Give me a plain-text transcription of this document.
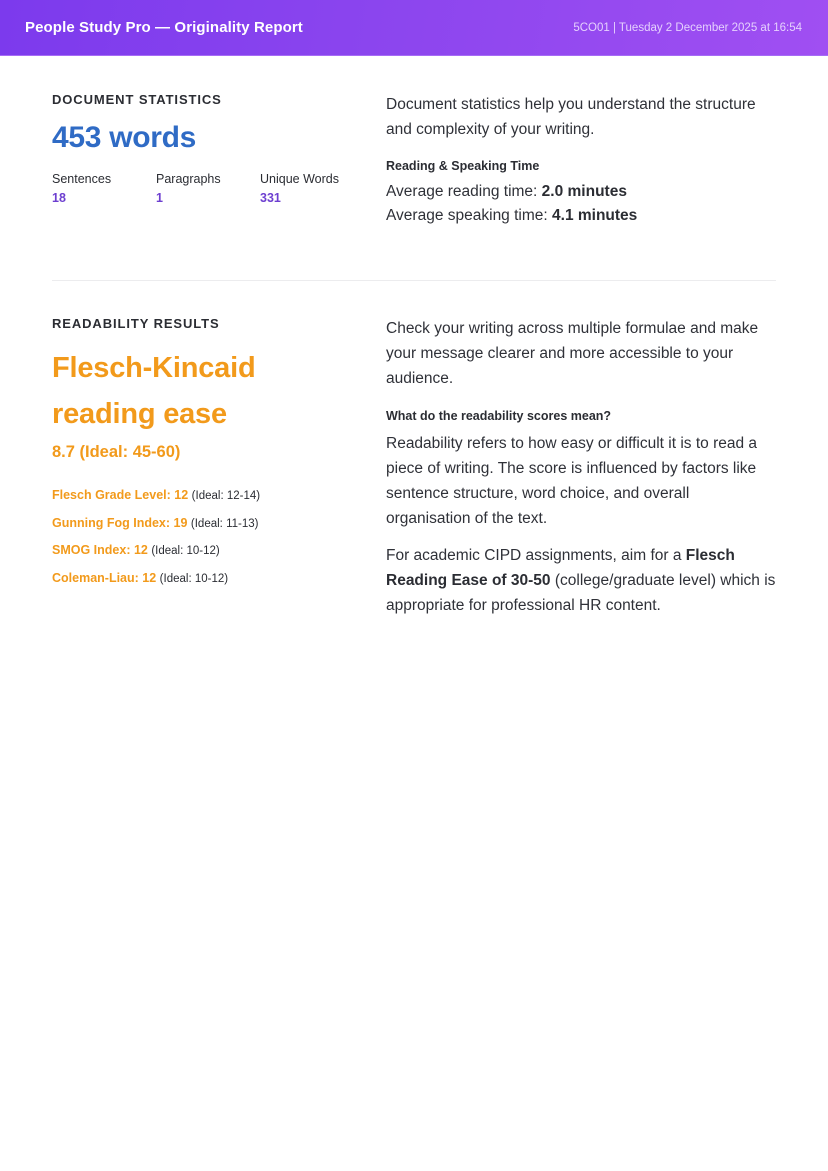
People Study Pro — Originality Report	5CO01 | Tuesday 2 December 2025 at 16:54
DOCUMENT STATISTICS
453 words
Sentences
18
Paragraphs
1
Unique Words
331

Document statistics help you understand the structure and complexity of your writing.

Reading & Speaking Time
Average reading time: 2.0 minutes
Average speaking time: 4.1 minutes
READABILITY RESULTS
Flesch-Kincaid
reading ease
8.7 (Ideal: 45-60)
Flesch Grade Level: 12 (Ideal: 12-14)
Gunning Fog Index: 19 (Ideal: 11-13)
SMOG Index: 12 (Ideal: 10-12)
Coleman-Liau: 12 (Ideal: 10-12)

Check your writing across multiple formulae and make your message clearer and more accessible to your audience.

What do the readability scores mean?

Readability refers to how easy or difficult it is to read a piece of writing. The score is influenced by factors like sentence structure, word choice, and overall organisation of the text.

For academic CIPD assignments, aim for a Flesch Reading Ease of 30-50 (college/graduate level) which is appropriate for professional HR content.
